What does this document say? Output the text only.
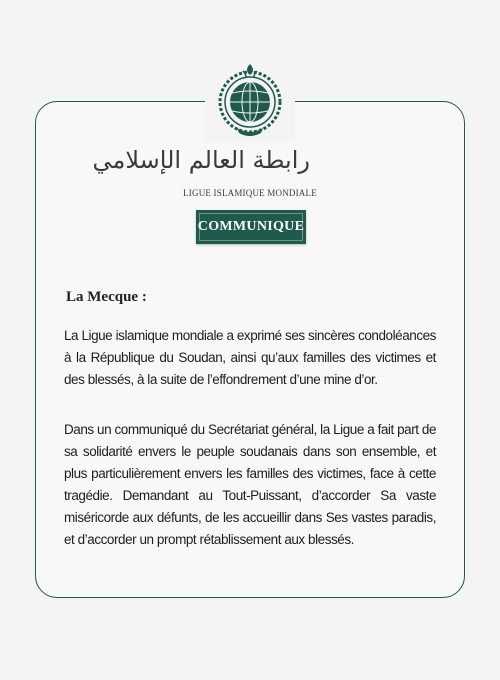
رابطة العالم الإسلامي
LIGUE ISLAMIQUE MONDIALE
COMMUNIQUE
La Mecque :

La Ligue islamique mondiale a exprimé ses sincères condoléances à la République du Soudan, ainsi qu’aux familles des victimes et des blessés, à la suite de l’effondrement d’une mine d’or.

Dans un communiqué du Secrétariat général, la Ligue a fait part de sa solidarité envers le peuple soudanais dans son ensemble, et plus particulièrement envers les familles des victimes, face à cette tragédie. Demandant au Tout-Puissant, d’accorder Sa vaste miséricorde aux défunts, de les accueillir dans Ses vastes paradis, et d’accorder un prompt rétablissement aux blessés.
